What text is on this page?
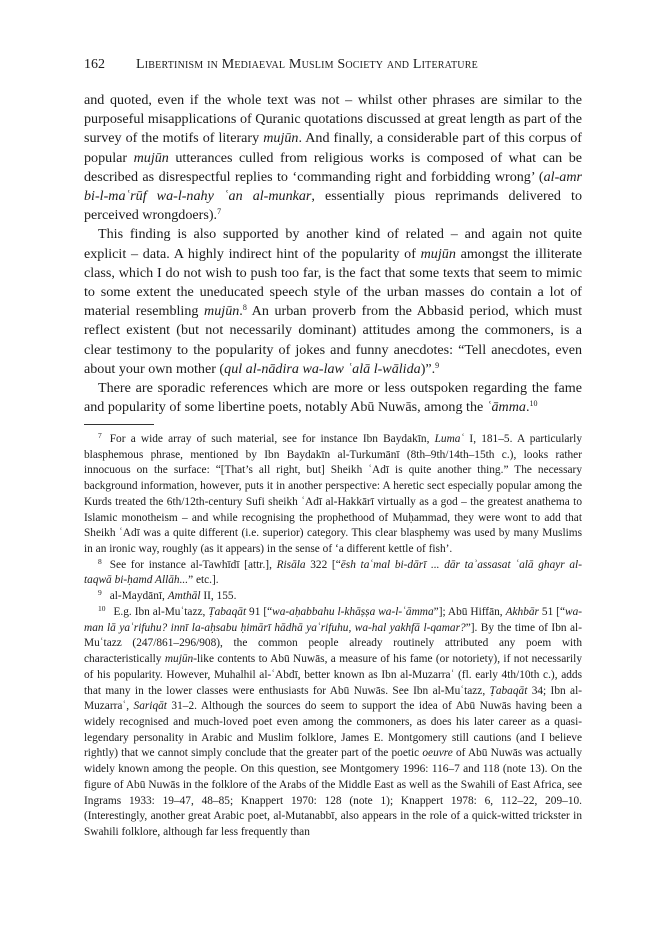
162 Libertinism in Mediaeval Muslim Society and Literature

and quoted, even if the whole text was not – whilst other phrases are similar to the purposeful misapplications of Quranic quotations discussed at great length as part of the survey of the motifs of literary mujūn. And finally, a considerable part of this corpus of popular mujūn utterances culled from religious works is composed of what can be described as disrespectful replies to ‘commanding right and forbidding wrong’ (al-amr bi-l-maʿrūf wa-l-nahy ʿan al-munkar, essentially pious reprimands delivered to perceived wrongdoers).$^7$

This finding is also supported by another kind of related – and again not quite explicit – data. A highly indirect hint of the popularity of mujūn amongst the illiterate class, which I do not wish to push too far, is the fact that some texts that seem to mimic to some extent the uneducated speech style of the urban masses do contain a lot of material resembling mujūn.$^8$ An urban proverb from the Abbasid period, which must reflect existent (but not necessarily dominant) attitudes among the commoners, is a clear testimony to the popularity of jokes and funny anecdotes: “Tell anecdotes, even about your own mother (qul al-nādira wa-law ʿalā l-wālida)”.$^9$

There are sporadic references which are more or less outspoken regarding the fame and popularity of some libertine poets, notably Abū Nuwās, among the ʿāmma.$^{10}$

$^7$ For a wide array of such material, see for instance Ibn Baydakīn, Lumaʿ I, 181–5. A particularly blasphemous phrase, mentioned by Ibn Baydakīn al-Turkumānī (8th–9th/14th–15th c.), looks rather innocuous on the surface: “[That’s all right, but] Sheikh ʿAdī is quite another thing.” The necessary background information, however, puts it in another perspective: A heretic sect especially popular among the Kurds treated the 6th/12th-century Sufi sheikh ʿAdī al-Hakkārī virtually as a god – the greatest anathema to Islamic monotheism – and while recognising the prophethood of Muḥammad, they were wont to add that Sheikh ʿAdī was a quite different (i.e. superior) category. This clear blasphemy was used by many Muslims in an ironic way, roughly (as it appears) in the sense of ‘a different kettle of fish’.

$^8$ See for instance al-Tawhīdī [attr.], Risāla 322 [“ēsh taʿmal bi-dārī ... dār taʾassasat ʿalā ghayr al-taqwā bi-ḥamd Allāh...” etc.].

$^9$ al-Maydānī, Amthāl II, 155.

$^{10}$ E.g. Ibn al-Muʿtazz, Ṭabaqāt 91 [“wa-aḥabbahu l-khāṣṣa wa-l-ʿāmma”]; Abū Hiffān, Akhbār 51 [“wa-man lā yaʿrifuhu? innī la-aḥsabu ḥimārī hādhā yaʿrifuhu, wa-hal yakhfā l-qamar?”]. By the time of Ibn al-Muʿtazz (247/861–296/908), the common people already routinely attributed any poem with characteristically mujūn-like contents to Abū Nuwās, a measure of his fame (or notoriety), if not necessarily of his popularity. However, Muhalhil al-ʿAbdī, better known as Ibn al-Muzarraʿ (fl. early 4th/10th c.), adds that many in the lower classes were enthusiasts for Abū Nuwās. See Ibn al-Muʿtazz, Ṭabaqāt 34; Ibn al-Muzarraʿ, Sariqāt 31–2. Although the sources do seem to support the idea of Abū Nuwās having been a widely recognised and much-loved poet even among the commoners, as does his later career as a quasi-legendary personality in Arabic and Muslim folklore, James E. Montgomery still cautions (and I believe rightly) that we cannot simply conclude that the greater part of the poetic oeuvre of Abū Nuwās was actually widely known among the people. On this question, see Montgomery 1996: 116–7 and 118 (note 13). On the figure of Abū Nuwās in the folklore of the Arabs of the Middle East as well as the Swahili of East Africa, see Ingrams 1933: 19–47, 48–85; Knappert 1970: 128 (note 1); Knappert 1978: 6, 112–22, 209–10. (Interestingly, another great Arabic poet, al-Mutanabbī, also appears in the role of a quick-witted trickster in Swahili folklore, although far less frequently than
